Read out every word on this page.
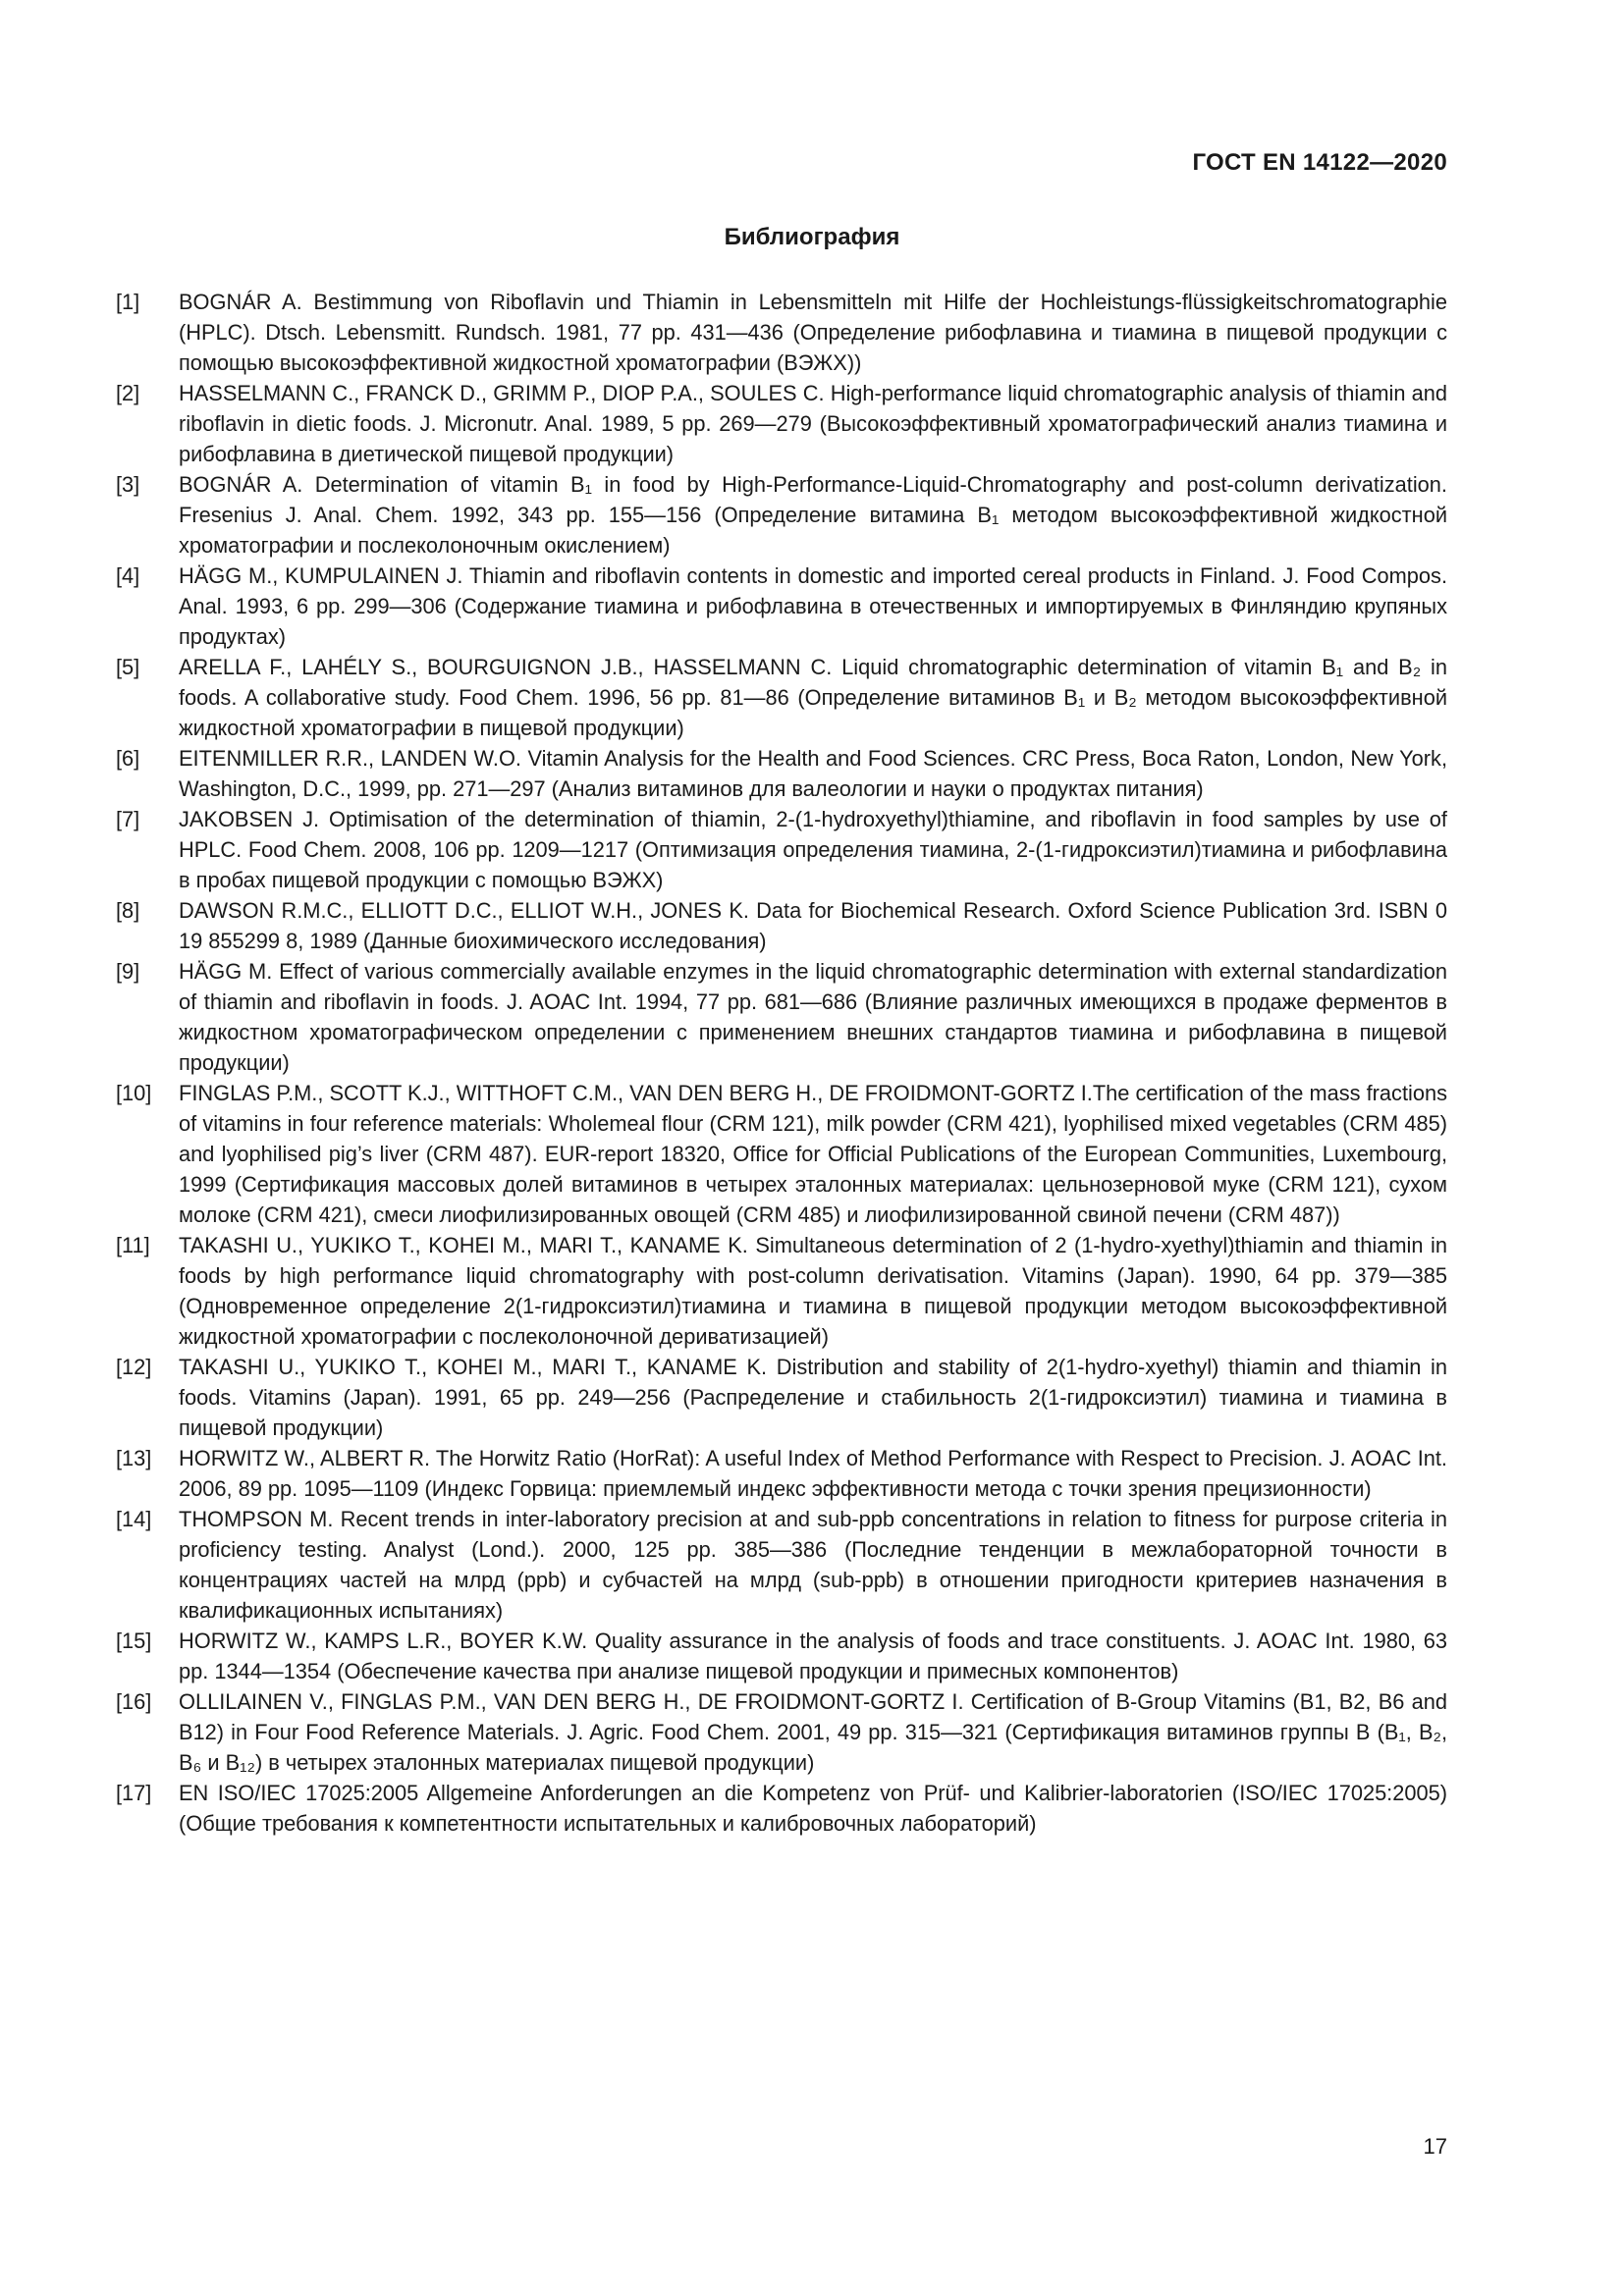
ГОСТ EN 14122—2020
Библиография
[1]	BOGNÁR A. Bestimmung von Riboflavin und Thiamin in Lebensmitteln mit Hilfe der Hochleistungs-flüssigkeitschromatographie (HPLC). Dtsch. Lebensmitt. Rundsch. 1981, 77 pp. 431—436 (Определение рибофлавина и тиамина в пищевой продукции с помощью высокоэффективной жидкостной хроматографии (ВЭЖХ))
[2]	HASSELMANN C., FRANCK D., GRIMM P., DIOP P.A., SOULES C. High-performance liquid chromatographic analysis of thiamin and riboflavin in dietic foods. J. Micronutr. Anal. 1989, 5 pp. 269—279 (Высокоэффективный хроматографический анализ тиамина и рибофлавина в диетической пищевой продукции)
[3]	BOGNÁR A. Determination of vitamin B₁ in food by High-Performance-Liquid-Chromatography and post-column derivatization. Fresenius J. Anal. Chem. 1992, 343 pp. 155—156 (Определение витамина B₁ методом высокоэффективной жидкостной хроматографии и послеколоночным окислением)
[4]	HÄGG M., KUMPULAINEN J. Thiamin and riboflavin contents in domestic and imported cereal products in Finland. J. Food Compos. Anal. 1993, 6 pp. 299—306 (Содержание тиамина и рибофлавина в отечественных и импортируемых в Финляндию крупяных продуктах)
[5]	ARELLA F., LAHÉLY S., BOURGUIGNON J.B., HASSELMANN C. Liquid chromatographic determination of vitamin B₁ and B₂ in foods. A collaborative study. Food Chem. 1996, 56 pp. 81—86 (Определение витаминов B₁ и B₂ методом высокоэффективной жидкостной хроматографии в пищевой продукции)
[6]	EITENMILLER R.R., LANDEN W.O. Vitamin Analysis for the Health and Food Sciences. CRC Press, Boca Raton, London, New York, Washington, D.C., 1999, pp. 271—297 (Анализ витаминов для валеологии и науки о продуктах питания)
[7]	JAKOBSEN J. Optimisation of the determination of thiamin, 2-(1-hydroxyethyl)thiamine, and riboflavin in food samples by use of HPLC. Food Chem. 2008, 106 pp. 1209—1217 (Оптимизация определения тиамина, 2-(1-гидроксиэтил)тиамина и рибофлавина в пробах пищевой продукции с помощью ВЭЖХ)
[8]	DAWSON R.M.C., ELLIOTT D.C., ELLIOT W.H., JONES K. Data for Biochemical Research. Oxford Science Publication 3rd. ISBN 0 19 855299 8, 1989 (Данные биохимического исследования)
[9]	HÄGG M. Effect of various commercially available enzymes in the liquid chromatographic determination with external standardization of thiamin and riboflavin in foods. J. AOAC Int. 1994, 77 pp. 681—686 (Влияние различных имеющихся в продаже ферментов в жидкостном хроматографическом определении с применением внешних стандартов тиамина и рибофлавина в пищевой продукции)
[10]	FINGLAS P.M., SCOTT K.J., WITTHOFT C.M., VAN DEN BERG H., DE FROIDMONT-GORTZ I.The certification of the mass fractions of vitamins in four reference materials: Wholemeal flour (CRM 121), milk powder (CRM 421), lyophilised mixed vegetables (CRM 485) and lyophilised pig’s liver (CRM 487). EUR-report 18320, Office for Official Publications of the European Communities, Luxembourg, 1999 (Сертификация массовых долей витаминов в четырех эталонных материалах: цельнозерновой муке (CRM 121), сухом молоке (CRM 421), смеси лиофилизированных овощей (CRM 485) и лиофилизированной свиной печени (CRM 487))
[11]	TAKASHI U., YUKIKO T., KOHEI M., MARI T., KANAME K. Simultaneous determination of 2 (1-hydro-xyethyl)thiamin and thiamin in foods by high performance liquid chromatography with post-column derivatisation. Vitamins (Japan). 1990, 64 pp. 379—385 (Одновременное определение 2(1-гидроксиэтил)тиамина и тиамина в пищевой продукции методом высокоэффективной жидкостной хроматографии с послеколоночной дериватизацией)
[12]	TAKASHI U., YUKIKO T., KOHEI M., MARI T., KANAME K. Distribution and stability of 2(1-hydro-xyethyl) thiamin and thiamin in foods. Vitamins (Japan). 1991, 65 pp. 249—256 (Распределение и стабильность 2(1-гидроксиэтил) тиамина и тиамина в пищевой продукции)
[13]	HORWITZ W., ALBERT R. The Horwitz Ratio (HorRat): A useful Index of Method Performance with Respect to Precision. J. AOAC Int. 2006, 89 pp. 1095—1109 (Индекс Горвица: приемлемый индекс эффективности метода с точки зрения прецизионности)
[14]	THOMPSON M. Recent trends in inter-laboratory precision at and sub-ppb concentrations in relation to fitness for purpose criteria in proficiency testing. Analyst (Lond.). 2000, 125 pp. 385—386 (Последние тенденции в межлабораторной точности в концентрациях частей на млрд (ppb) и субчастей на млрд (sub-ppb) в отношении пригодности критериев назначения в квалификационных испытаниях)
[15]	HORWITZ W., KAMPS L.R., BOYER K.W. Quality assurance in the analysis of foods and trace constituents. J. AOAC Int. 1980, 63 pp. 1344—1354 (Обеспечение качества при анализе пищевой продукции и примесных компонентов)
[16]	OLLILAINEN V., FINGLAS P.M., VAN DEN BERG H., DE FROIDMONT-GORTZ I. Certification of B-Group Vitamins (B1, B2, B6 and B12) in Four Food Reference Materials. J. Agric. Food Chem. 2001, 49 pp. 315—321 (Сертификация витаминов группы B (B₁, B₂, B₆ и B₁₂) в четырех эталонных материалах пищевой продукции)
[17]	EN ISO/IEC 17025:2005 Allgemeine Anforderungen an die Kompetenz von Prüf- und Kalibrier-laboratorien (ISO/IEC 17025:2005) (Общие требования к компетентности испытательных и калибровочных лабораторий)
17
